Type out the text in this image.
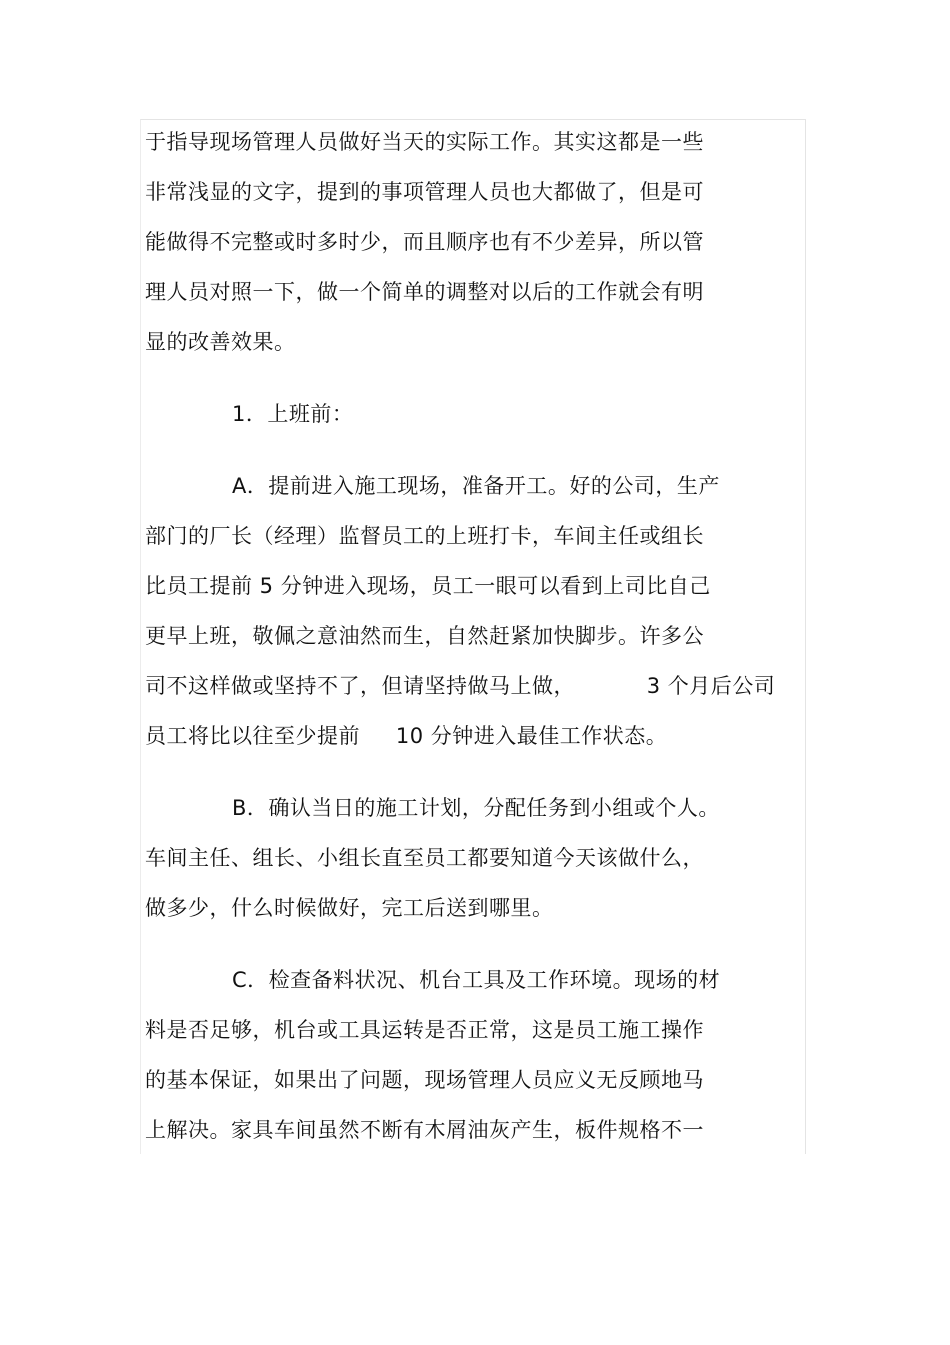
于指导现场管理人员做好当天的实际工作。其实这都是一些
非常浅显的文字，提到的事项管理人员也大都做了，但是可
能做得不完整或时多时少，而且顺序也有不少差异，所以管
理人员对照一下，做一个简单的调整对以后的工作就会有明
显的改善效果。
1．上班前：
A．提前进入施工现场，准备开工。好的公司，生产
部门的厂长（经理）监督员工的上班打卡，车间主任或组长
比员工提前 5 分钟进入现场，员工一眼可以看到上司比自己
更早上班，敬佩之意油然而生，自然赶紧加快脚步。许多公
司不这样做或坚持不了，但请坚持做马上做，          3 个月后公司
员工将比以往至少提前     10 分钟进入最佳工作状态。
B．确认当日的施工计划，分配任务到小组或个人。
车间主任、组长、小组长直至员工都要知道今天该做什么，
做多少，什么时候做好，完工后送到哪里。
C．检查备料状况、机台工具及工作环境。现场的材
料是否足够，机台或工具运转是否正常，这是员工施工操作
的基本保证，如果出了问题，现场管理人员应义无反顾地马
上解决。家具车间虽然不断有木屑油灰产生，板件规格不一
